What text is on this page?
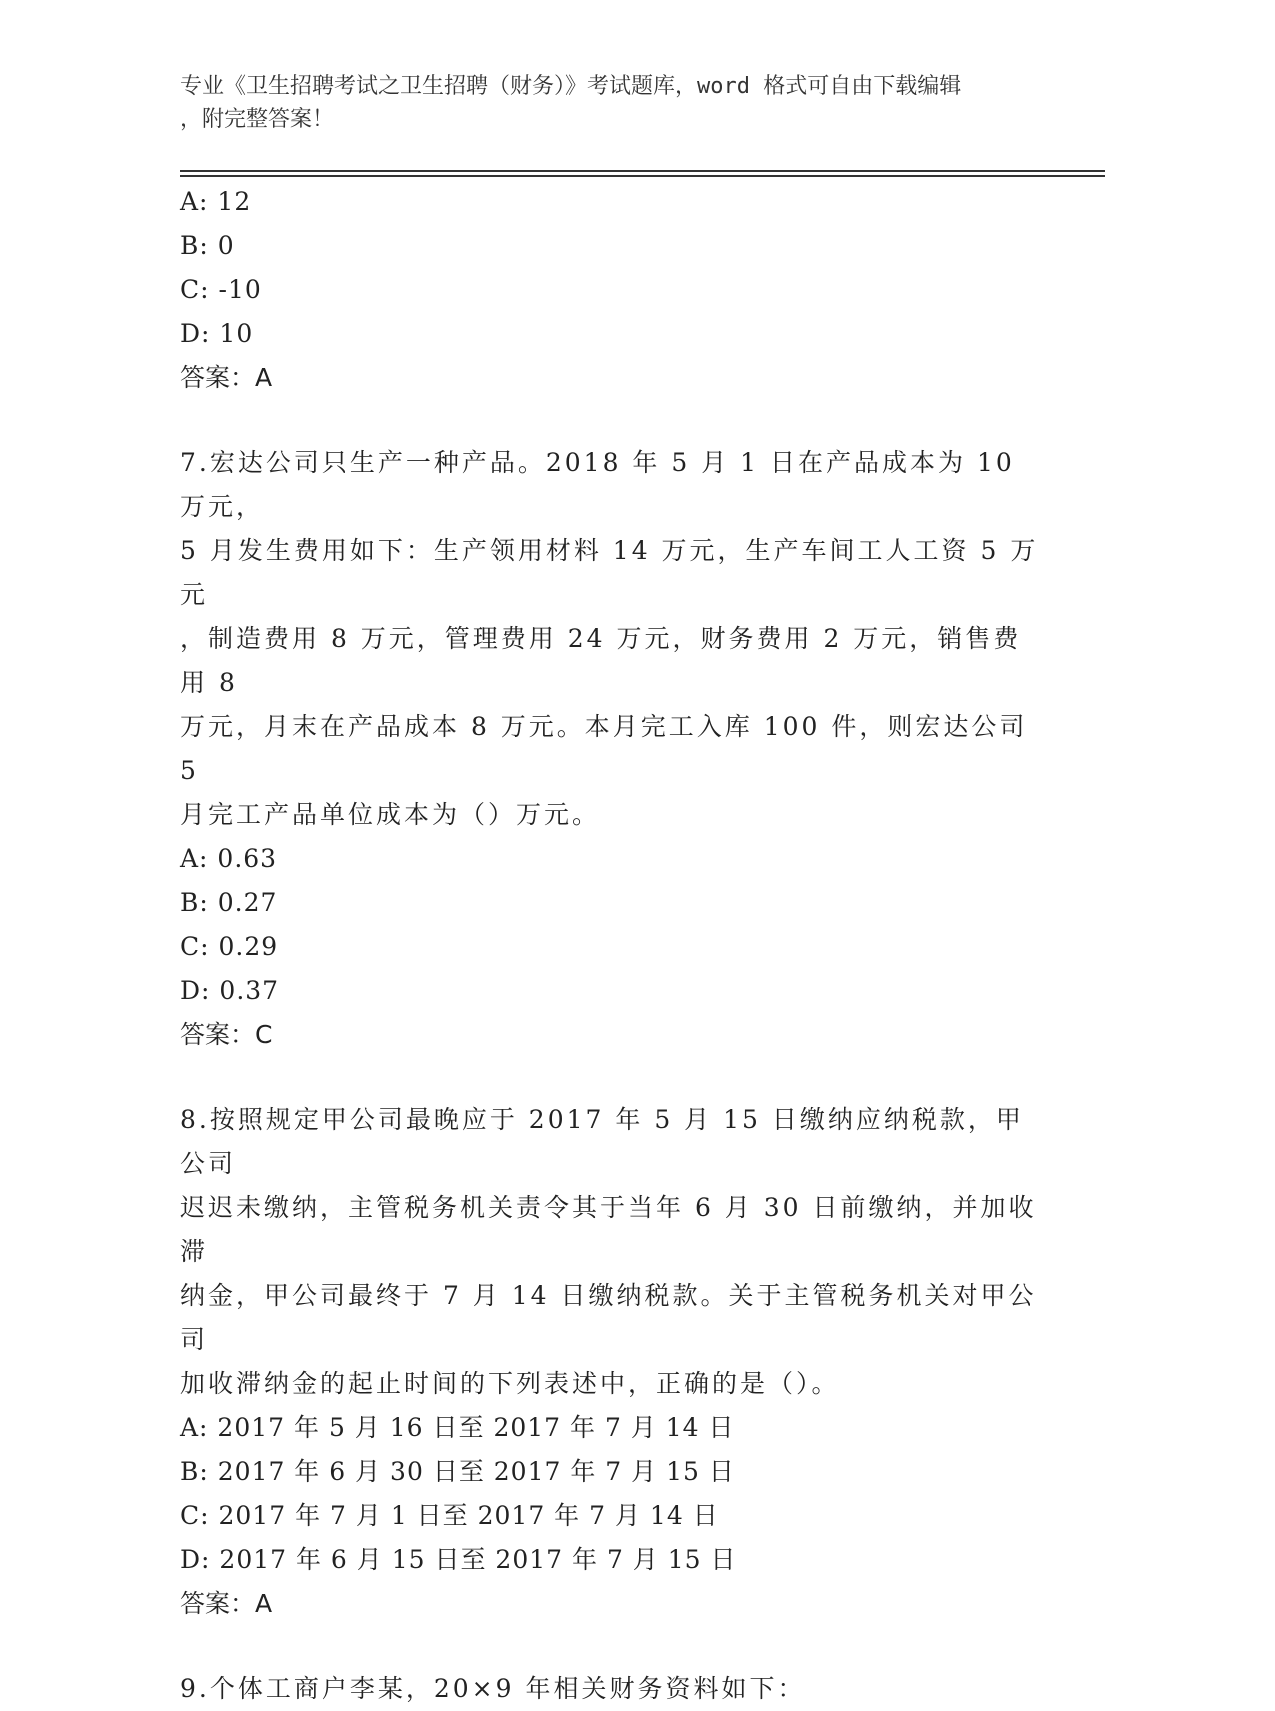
专业《卫生招聘考试之卫生招聘（财务）》考试题库，word 格式可自由下载编辑
，附完整答案！
A: 12
B: 0
C: -10
D: 10
答案：A
7.宏达公司只生产一种产品。2018 年 5 月 1 日在产品成本为 10 万元，
5 月发生费用如下：生产领用材料 14 万元，生产车间工人工资 5 万元
，制造费用 8 万元，管理费用 24 万元，财务费用 2 万元，销售费用 8
万元，月末在产品成本 8 万元。本月完工入库 100 件，则宏达公司 5
月完工产品单位成本为（）万元。
A: 0.63
B: 0.27
C: 0.29
D: 0.37
答案：C
8.按照规定甲公司最晚应于 2017 年 5 月 15 日缴纳应纳税款，甲公司
迟迟未缴纳，主管税务机关责令其于当年 6 月 30 日前缴纳，并加收滞
纳金，甲公司最终于 7 月 14 日缴纳税款。关于主管税务机关对甲公司
加收滞纳金的起止时间的下列表述中，正确的是（）。
A: 2017 年 5 月 16 日至 2017 年 7 月 14 日
B: 2017 年 6 月 30 日至 2017 年 7 月 15 日
C: 2017 年 7 月 1 日至 2017 年 7 月 14 日
D: 2017 年 6 月 15 日至 2017 年 7 月 15 日
答案：A
9.个体工商户李某，20×9 年相关财务资料如下：
